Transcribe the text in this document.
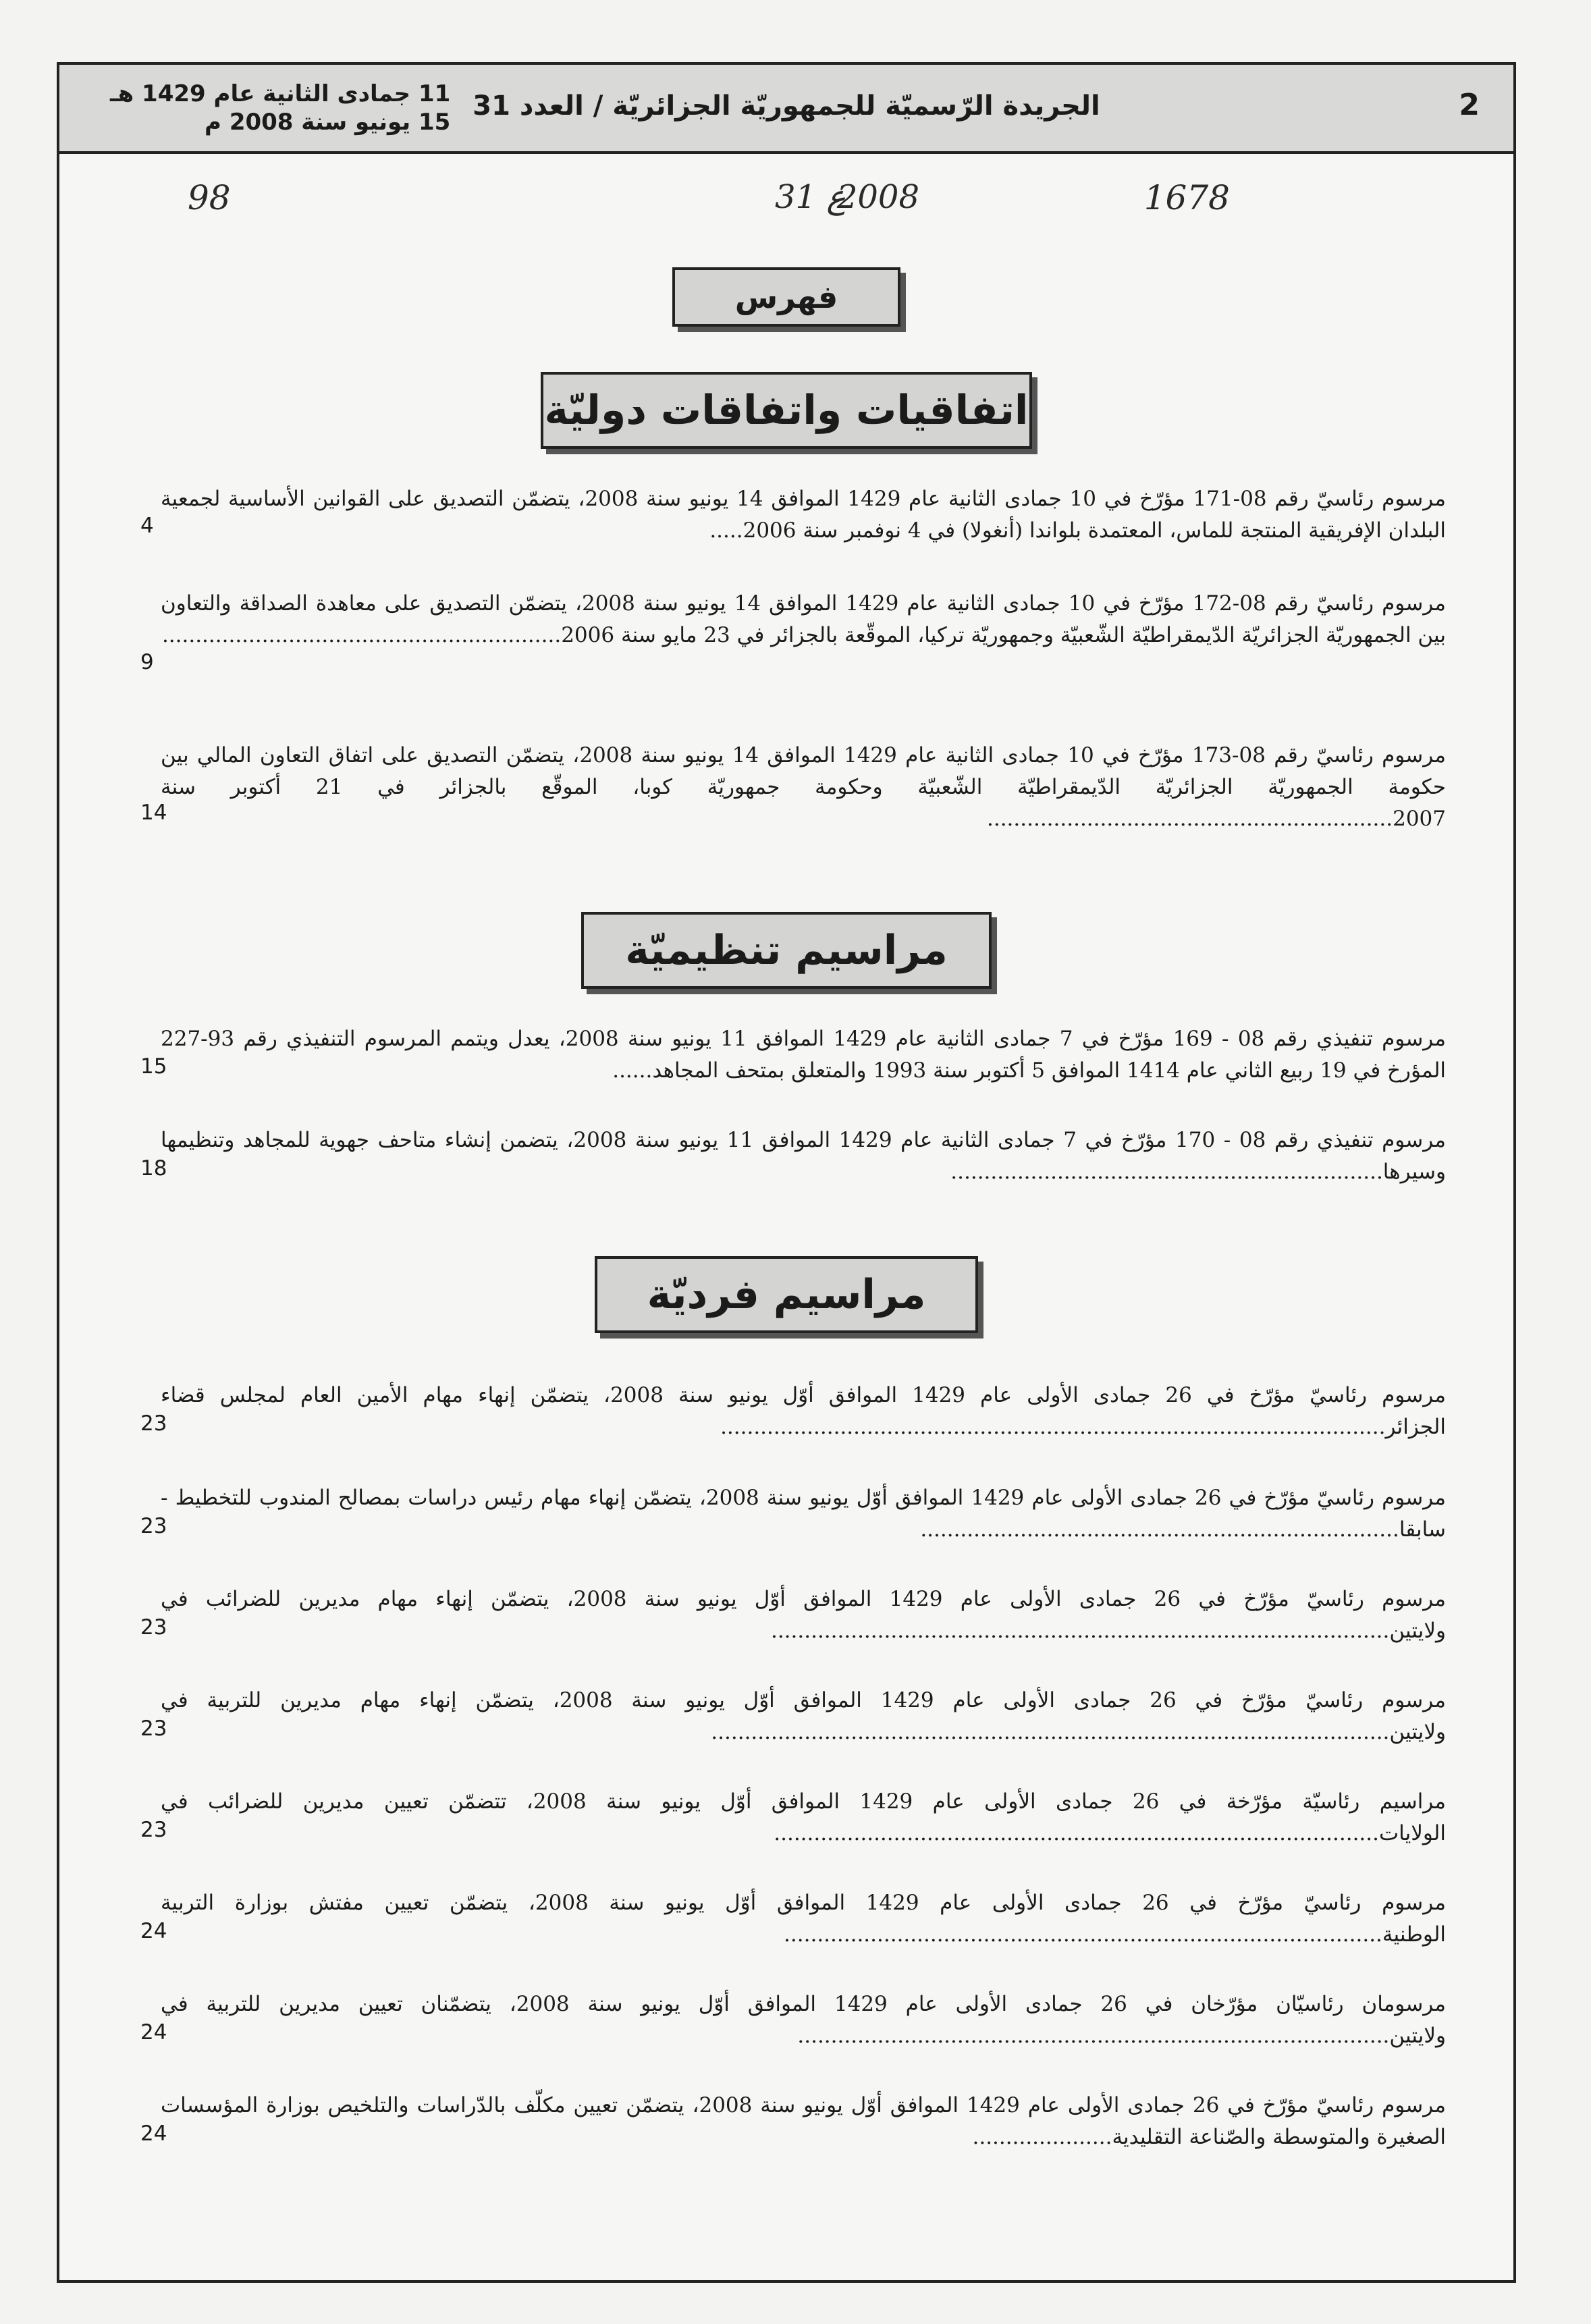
2
الجريدة الرّسميّة للجمهوريّة الجزائريّة / العدد 31
11 جمادى الثانية عام 1429 هـ
15 يونيو سنة 2008 م
1678
2008
ع 31
98
فهرس
اتفاقيات واتفاقات دوليّة
مرسوم رئاسيّ رقم 08-171 مؤرّخ في 10 جمادى الثانية عام 1429 الموافق 14 يونيو سنة 2008، يتضمّن التصديق على القوانين الأساسية لجمعية البلدان الإفريقية المنتجة للماس، المعتمدة بلواندا (أنغولا) في 4 نوفمبر سنة 2006.....
4
مرسوم رئاسيّ رقم 08-172 مؤرّخ في 10 جمادى الثانية عام 1429 الموافق 14 يونيو سنة 2008، يتضمّن التصديق على معاهدة الصداقة والتعاون بين الجمهوريّة الجزائريّة الدّيمقراطيّة الشّعبيّة وجمهوريّة تركيا، الموقّعة بالجزائر في 23 مايو سنة 2006............................................................
9
مرسوم رئاسيّ رقم 08-173 مؤرّخ في 10 جمادى الثانية عام 1429 الموافق 14 يونيو سنة 2008، يتضمّن التصديق على اتفاق التعاون المالي بين حكومة الجمهوريّة الجزائريّة الدّيمقراطيّة الشّعبيّة وحكومة جمهوريّة كوبا، الموقّع بالجزائر في 21 أكتوبر سنة 2007.............................................................
14
مراسيم تنظيميّة
مرسوم تنفيذي رقم 08 - 169 مؤرّخ في 7 جمادى الثانية عام 1429 الموافق 11 يونيو سنة 2008، يعدل ويتمم المرسوم التنفيذي رقم 93-227 المؤرخ في 19 ربيع الثاني عام 1414 الموافق 5 أكتوبر سنة 1993 والمتعلق بمتحف المجاهد......
15
مرسوم تنفيذي رقم 08 - 170 مؤرّخ في 7 جمادى الثانية عام 1429 الموافق 11 يونيو سنة 2008، يتضمن إنشاء متاحف جهوية للمجاهد وتنظيمها وسيرها.................................................................
18
مراسيم فرديّة
مرسوم رئاسيّ مؤرّخ في 26 جمادى الأولى عام 1429 الموافق أوّل يونيو سنة 2008، يتضمّن إنهاء مهام الأمين العام لمجلس قضاء الجزائر....................................................................................................
23
مرسوم رئاسيّ مؤرّخ في 26 جمادى الأولى عام 1429 الموافق أوّل يونيو سنة 2008، يتضمّن إنهاء مهام رئيس دراسات بمصالح المندوب للتخطيط - سابقا........................................................................
23
مرسوم رئاسيّ مؤرّخ في 26 جمادى الأولى عام 1429 الموافق أوّل يونيو سنة 2008، يتضمّن إنهاء مهام مديرين للضرائب في ولايتين.............................................................................................
23
مرسوم رئاسيّ مؤرّخ في 26 جمادى الأولى عام 1429 الموافق أوّل يونيو سنة 2008، يتضمّن إنهاء مهام مديرين للتربية في ولايتين......................................................................................................
23
مراسيم رئاسيّة مؤرّخة في 26 جمادى الأولى عام 1429 الموافق أوّل يونيو سنة 2008، تتضمّن تعيين مديرين للضرائب في الولايات...........................................................................................
23
مرسوم رئاسيّ مؤرّخ في 26 جمادى الأولى عام 1429 الموافق أوّل يونيو سنة 2008، يتضمّن تعيين مفتش بوزارة التربية الوطنية..........................................................................................
24
مرسومان رئاسيّان مؤرّخان في 26 جمادى الأولى عام 1429 الموافق أوّل يونيو سنة 2008، يتضمّنان تعيين مديرين للتربية في ولايتين.........................................................................................
24
مرسوم رئاسيّ مؤرّخ في 26 جمادى الأولى عام 1429 الموافق أوّل يونيو سنة 2008، يتضمّن تعيين مكلّف بالدّراسات والتلخيص بوزارة المؤسسات الصغيرة والمتوسطة والصّناعة التقليدية.....................
24
